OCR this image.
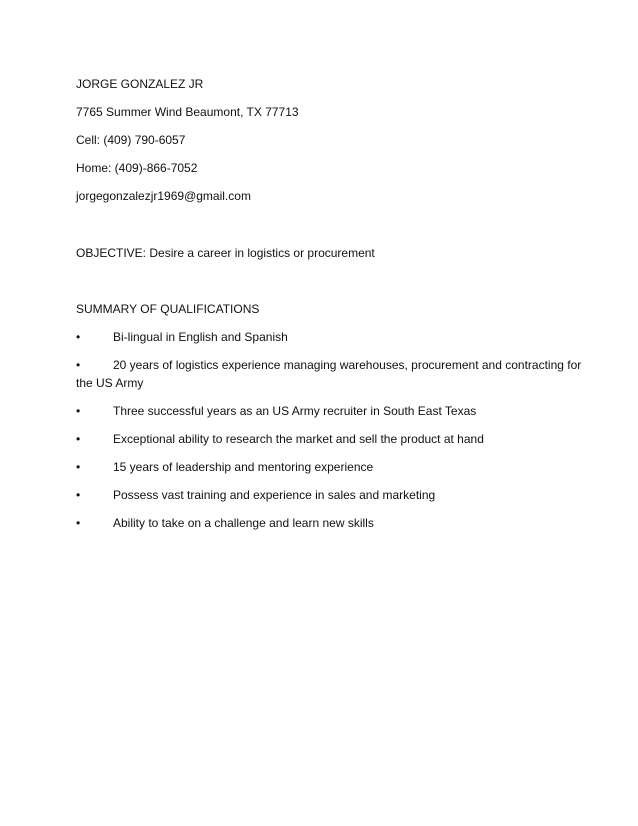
JORGE GONZALEZ JR
7765 Summer Wind Beaumont, TX 77713
Cell: (409) 790-6057
Home: (409)-866-7052
jorgegonzalezjr1969@gmail.com
OBJECTIVE: Desire a career in logistics or procurement
SUMMARY OF QUALIFICATIONS
•	Bi-lingual in English and Spanish
•	20 years of logistics experience managing warehouses, procurement and contracting for
the US Army
•	Three successful years as an US Army recruiter in South East Texas
•	Exceptional ability to research the market and sell the product at hand
•	15 years of leadership and mentoring experience
•	Possess vast training and experience in sales and marketing
•	Ability to take on a challenge and learn new skills
